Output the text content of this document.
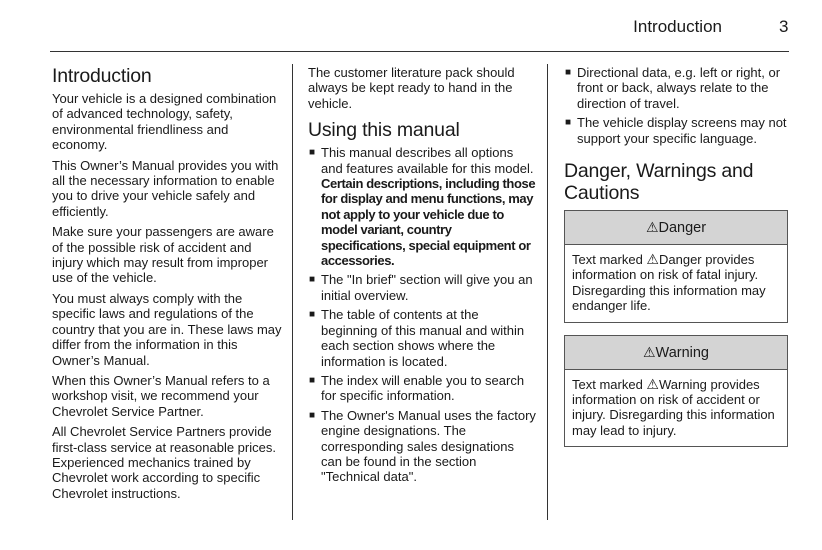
Introduction	3
Introduction

Your vehicle is a designed combination of advanced technology, safety, environmental friendliness and economy.

This Owner’s Manual provides you with all the necessary information to enable you to drive your vehicle safely and efficiently.

Make sure your passengers are aware of the possible risk of accident and injury which may result from improper use of the vehicle.

You must always comply with the specific laws and regulations of the country that you are in. These laws may differ from the information in this Owner’s Manual.

When this Owner’s Manual refers to a workshop visit, we recommend your Chevrolet Service Partner.

All Chevrolet Service Partners provide first-class service at reasonable prices. Experienced mechanics trained by Chevrolet work according to specific Chevrolet instructions.

The customer literature pack should always be kept ready to hand in the vehicle.

Using this manual
■ This manual describes all options and features available for this model. Certain descriptions, including those for display and menu functions, may not apply to your vehicle due to model variant, country specifications, special equipment or accessories.
■ The "In brief" section will give you an initial overview.
■ The table of contents at the beginning of this manual and within each section shows where the information is located.
■ The index will enable you to search for specific information.
■ The Owner's Manual uses the factory engine designations. The corresponding sales designations can be found in the section "Technical data".
■ Directional data, e.g. left or right, or front or back, always relate to the direction of travel.
■ The vehicle display screens may not support your specific language.
Danger, Warnings and Cautions
⚠Danger
Text marked ⚠Danger provides information on risk of fatal injury. Disregarding this information may endanger life.
⚠Warning
Text marked ⚠Warning provides information on risk of accident or injury. Disregarding this information may lead to injury.
